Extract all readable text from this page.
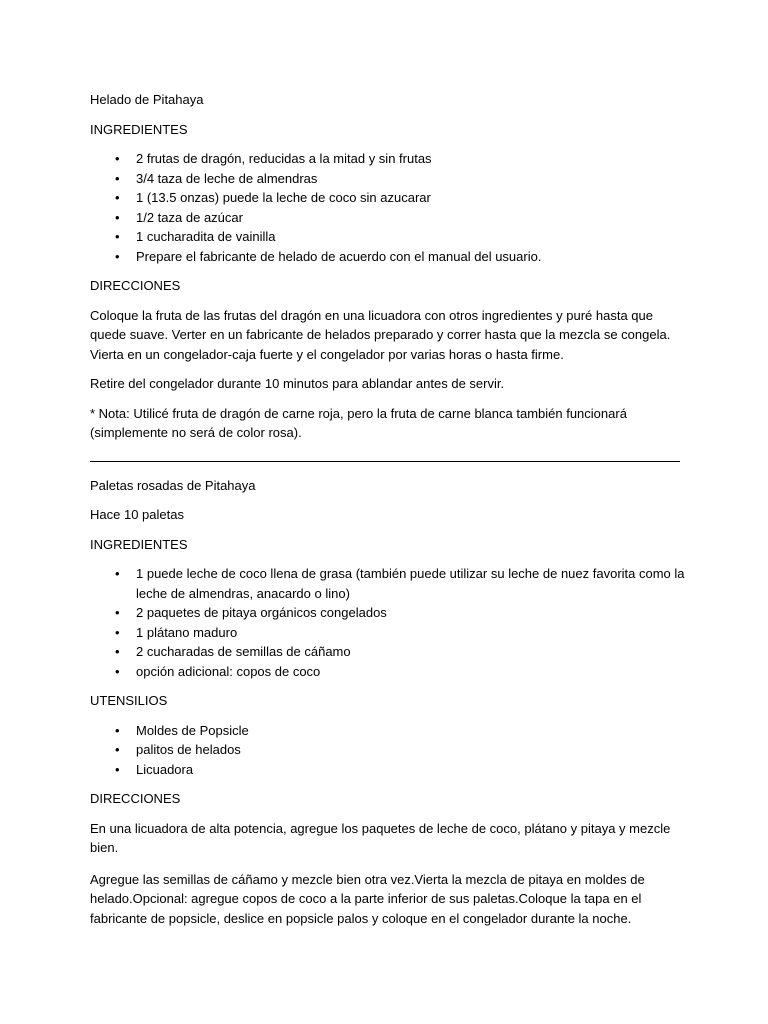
Helado de Pitahaya

INGREDIENTES

• 2 frutas de dragón, reducidas a la mitad y sin frutas
• 3/4 taza de leche de almendras
• 1 (13.5 onzas) puede la leche de coco sin azucarar
• 1/2 taza de azúcar
• 1 cucharadita de vainilla
• Prepare el fabricante de helado de acuerdo con el manual del usuario.

DIRECCIONES

Coloque la fruta de las frutas del dragón en una licuadora con otros ingredientes y puré hasta que quede suave. Verter en un fabricante de helados preparado y correr hasta que la mezcla se congela. Vierta en un congelador-caja fuerte y el congelador por varias horas o hasta firme.

Retire del congelador durante 10 minutos para ablandar antes de servir.

* Nota: Utilicé fruta de dragón de carne roja, pero la fruta de carne blanca también funcionará (simplemente no será de color rosa).

Paletas rosadas de Pitahaya

Hace 10 paletas

INGREDIENTES

• 1 puede leche de coco llena de grasa (también puede utilizar su leche de nuez favorita como la leche de almendras, anacardo o lino)
• 2 paquetes de pitaya orgánicos congelados
• 1 plátano maduro
• 2 cucharadas de semillas de cáñamo
• opción adicional: copos de coco

UTENSILIOS

• Moldes de Popsicle
• palitos de helados
• Licuadora

DIRECCIONES

En una licuadora de alta potencia, agregue los paquetes de leche de coco, plátano y pitaya y mezcle bien.

Agregue las semillas de cáñamo y mezcle bien otra vez.Vierta la mezcla de pitaya en moldes de helado.Opcional: agregue copos de coco a la parte inferior de sus paletas.Coloque la tapa en el fabricante de popsicle, deslice en popsicle palos y coloque en el congelador durante la noche.
